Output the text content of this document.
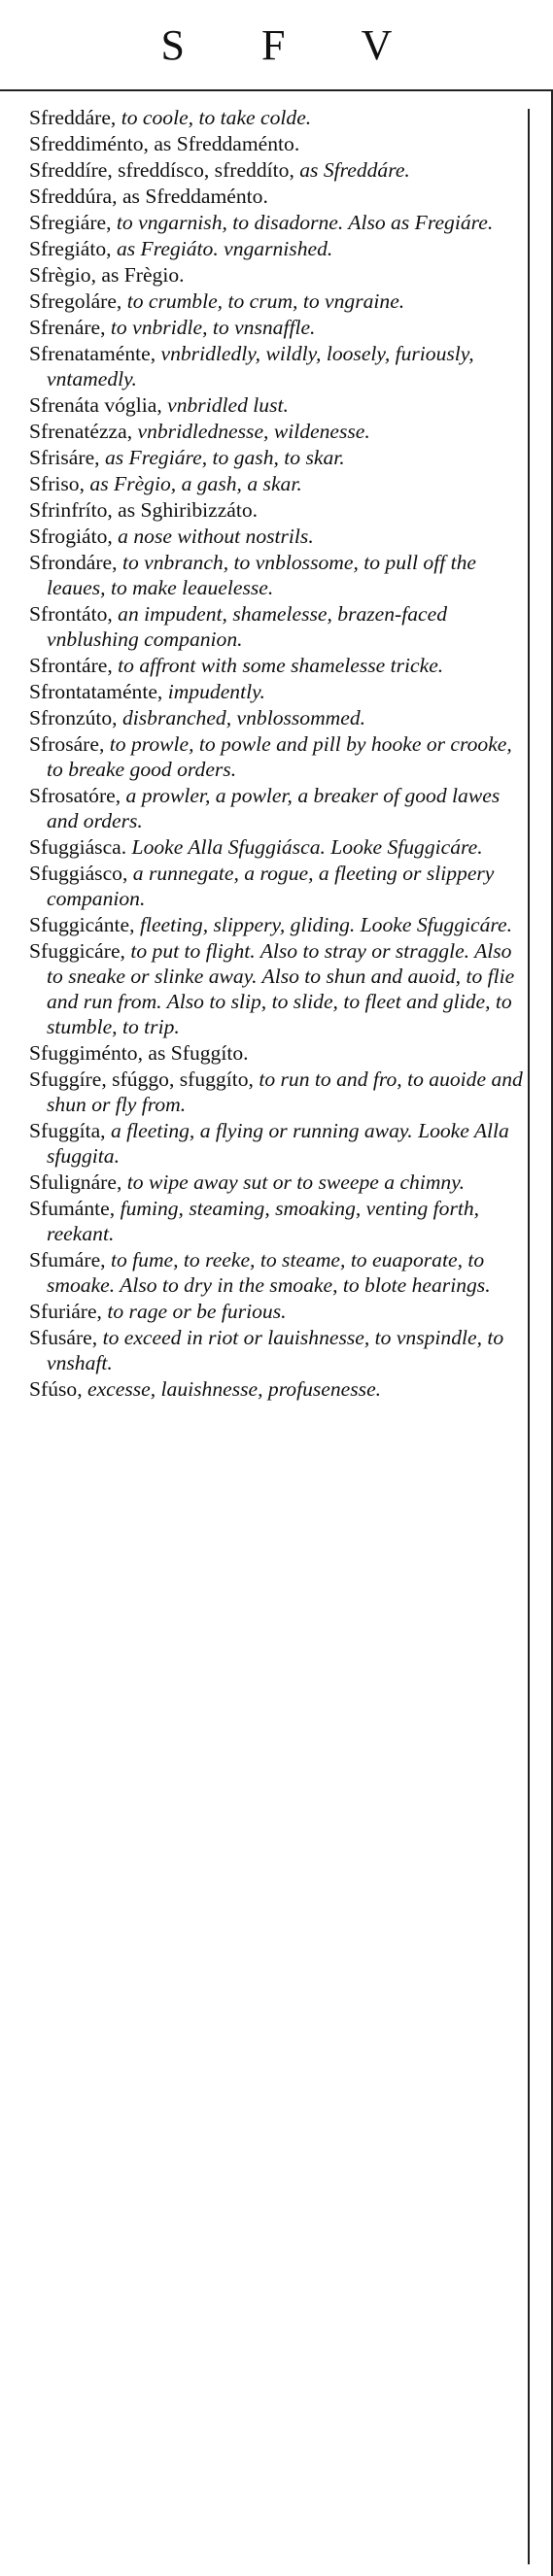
S F V

Sfreddáre, to coole, to take colde.

Sfreddiménto, as Sfreddaménto.

Sfreddíre, sfreddísco, sfreddíto, as Sfreddáre.

Sfreddúra, as Sfreddaménto.

Sfregiáre, to vngarnish, to disadorne. Also as Fregiáre.

Sfregiáto, as Fregiáto. vngarnished.

Sfrègio, as Frègio.

Sfregoláre, to crumble, to crum, to vngraine.

Sfrenáre, to vnbridle, to vnsnaffle.

Sfrenataménte, vnbridledly, wildly, loosely, furiously, vntamedly.

Sfrenáta vóglia, vnbridled lust.

Sfrenatézza, vnbridlednesse, wildenesse.

Sfrisáre, as Fregiáre, to gash, to skar.

Sfriso, as Frègio, a gash, a skar.

Sfrinfríto, as Sghiribizzáto.

Sfrogiáto, a nose without nostrils.

Sfrondáre, to vnbranch, to vnblossome, to pull off the leaues, to make leauelesse.

Sfrontáto, an impudent, shamelesse, brazen-faced vnblushing companion.

Sfrontáre, to affront with some shamelesse tricke.

Sfrontataménte, impudently.

Sfronzúto, disbranched, vnblossommed.

Sfrosáre, to prowle, to powle and pill by hooke or crooke, to breake good orders.

Sfrosatóre, a prowler, a powler, a breaker of good lawes and orders.

Sfuggiásca. Looke Alla Sfuggiásca. Looke Sfuggicáre.

Sfuggiásco, a runnegate, a rogue, a fleeting or slippery companion.

Sfuggicánte, fleeting, slippery, gliding. Looke Sfuggicáre.

Sfuggicáre, to put to flight. Also to stray or straggle. Also to sneake or slinke away. Also to shun and auoid, to flie and run from. Also to slip, to slide, to fleet and glide, to stumble, to trip.

Sfuggiménto, as Sfuggíto.

Sfuggíre, sfúggo, sfuggíto, to run to and fro, to auoide and shun or fly from.

Sfuggíta, a fleeting, a flying or running away. Looke Alla sfuggita.

Sfulignáre, to wipe away sut or to sweepe a chimny.

Sfumánte, fuming, steaming, smoaking, venting forth, reekant.

Sfumáre, to fume, to reeke, to steame, to euaporate, to smoake. Also to dry in the smoake, to blote hearings.

Sfuriáre, to rage or be furious.

Sfusáre, to exceed in riot or lauishnesse, to vnspindle, to vnshaft.

Sfúso, excesse, lauishnesse, profusenesse.
